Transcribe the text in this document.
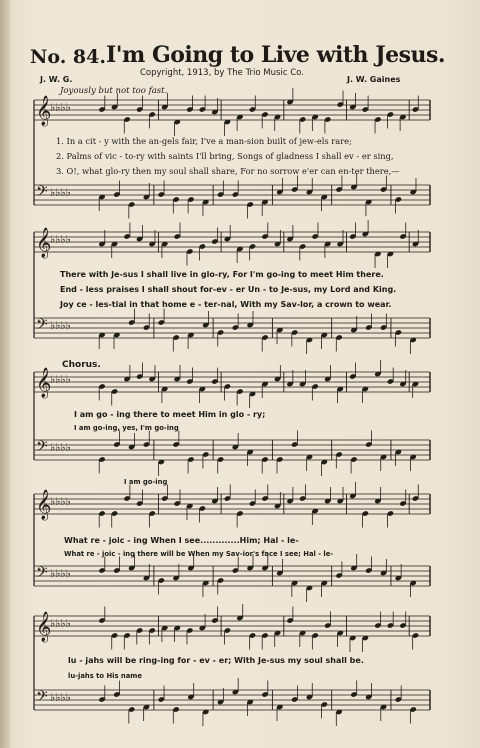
No. 84. I'm Going to Live with Jesus.
Copyright, 1913, by The Trio Music Co.
J. W. G.	J. W. Gaines
Joyously but not too fast.
𝄞
♭♭♭♭
𝄢 ♭♭♭♭
𝄞
♭♭♭♭
𝄢 ♭♭♭♭
𝄞
♭♭♭♭
𝄢 ♭♭♭♭
𝄞
♭♭♭♭
𝄢 ♭♭♭♭
𝄞
♭♭♭♭
𝄢 ♭♭♭♭
1. In a cit - y with the an-gels fair, I've a man-sion built of jew-els rare;
2. Palms of vic - to-ry with saints I'll bring, Songs of gladness I shall ev - er sing,
3. O!, what glo-ry then my soul shall share, For no sorrow e'er can en-ter there,—
There with Je-sus I shall live in glo-ry, For I'm go-ing to meet Him there.
End - less praises I shall shout for-ev - er Un - to Je-sus, my Lord and King.
Joy ce - les-tial in that home e - ter-nal, With my Sav-lor, a crown to wear.
Chorus.
I am go - ing there to meet Him in glo - ry;
I am go-ing, yes, I'm go-ing
I am go-ing
What re - joic - ing When I see.............Him; Hal - le-
What re - joic - ing there will be When my Sav-ior's face I see; Hal - le-
lu - jahs will be ring-ing for - ev - er; With Je-sus my soul shall be.
lu-jahs to His name
